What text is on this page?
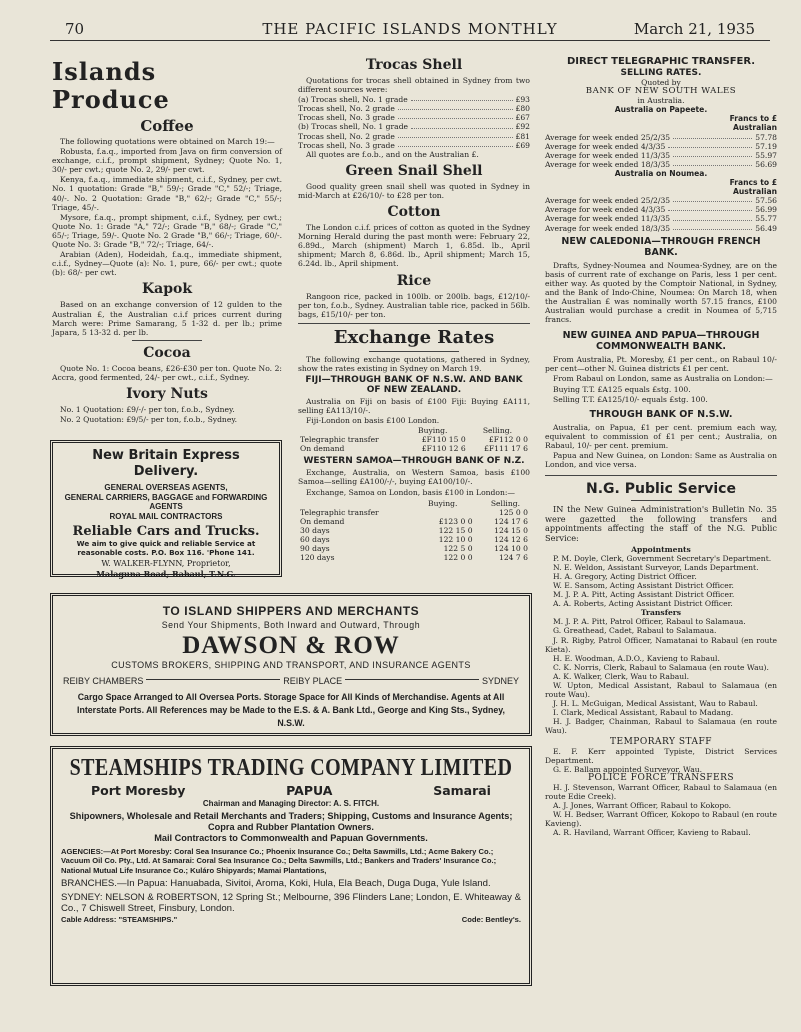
70	THE PACIFIC ISLANDS MONTHLY	March 21, 1935
Islands Produce
Coffee

The following quotations were obtained on March 19:—

Robusta, f.a.q., imported from Java on firm conversion of exchange, c.i.f., prompt shipment, Sydney; Quote No. 1, 30/- per cwt.; quote No. 2, 29/- per cwt.

Kenya, f.a.q., immediate shipment, c.i.f., Sydney, per cwt. No. 1 quotation: Grade "B," 59/-; Grade "C," 52/-; Triage, 40/-. No. 2 Quotation: Grade "B," 62/-; Grade "C," 55/-; Triage, 45/-.

Mysore, f.a.q., prompt shipment, c.i.f., Sydney, per cwt.; Quote No. 1: Grade "A," 72/-; Grade "B," 68/-; Grade "C," 65/-; Triage, 59/-. Quote No. 2 Grade "B," 66/-; Triage, 60/-. Quote No. 3: Grade "B," 72/-; Triage, 64/-.

Arabian (Aden), Hodeidah, f.a.q., immediate shipment, c.i.f., Sydney—Quote (a): No. 1, pure, 66/- per cwt.; quote (b): 68/- per cwt.

Kapok

Based on an exchange conversion of 12 gulden to the Australian £, the Australian c.i.f prices current during March were: Prime Samarang, 5 1-32 d. per lb.; prime Japara, 5 13-32 d. per lb.

Cocoa

Quote No. 1: Cocoa beans, £26-£30 per ton. Quote No. 2: Accra, good fermented, 24/- per cwt., c.i.f., Sydney.

Ivory Nuts

No. 1 Quotation: £9/-/- per ton, f.o.b., Sydney.

No. 2 Quotation: £9/5/- per ton, f.o.b., Sydney.

New Britain Express Delivery.
GENERAL OVERSEAS AGENTS,
GENERAL CARRIERS, BAGGAGE and FORWARDING AGENTS
ROYAL MAIL CONTRACTORS
Reliable Cars and Trucks.
We aim to give quick and reliable Service at reasonable costs. P.O. Box 116. 'Phone 141.
W. WALKER-FLYNN, Proprietor,
Malaguna Road, Rabaul, T.N.G.
Trocas Shell

Quotations for trocas shell obtained in Sydney from two different sources were:

(a) Trocas shell, No. 1 grade	£93
Trocas shell, No. 2 grade	£80
Trocas shell, No. 3 grade	£67
(b) Trocas shell, No. 1 grade	£92
Trocas shell, No. 2 grade	£81
Trocas shell, No. 3 grade	£69

All quotes are f.o.b., and on the Australian £.

Green Snail Shell

Good quality green snail shell was quoted in Sydney in mid-March at £26/10/- to £28 per ton.

Cotton

The London c.i.f. prices of cotton as quoted in the Sydney Morning Herald during the past month were: February 22, 6.89d., March (shipment) March 1, 6.85d. lb., April shipment; March 8, 6.86d. lb., April shipment; March 15, 6.24d. lb., April shipment.

Rice

Rangoon rice, packed in 100lb. or 200lb. bags, £12/10/- per ton, f.o.b., Sydney. Australian table rice, packed in 56lb. bags, £15/10/- per ton.

Exchange Rates

The following exchange quotations, gathered in Sydney, show the rates existing in Sydney on March 19.

FIJI—THROUGH BANK OF N.S.W. AND BANK OF NEW ZEALAND.

Australia on Fiji on basis of £100 Fiji: Buying £A111, selling £A113/10/-.

Fiji-London on basis £100 London.

Buying.	Selling.
Telegraphic transfer	£F110 15 0	£F112 0 0
On demand	£F110 12 6	£F111 17 6
WESTERN SAMOA—THROUGH BANK OF N.Z.

Exchange, Australia, on Western Samoa, basis £100 Samoa—selling £A100/-/-, buying £A100/10/-.

Exchange, Samoa on London, basis £100 in London:—

Buying.	Selling.
Telegraphic transfer		125 0 0
On demand	£123 0 0	124 17 6
30 days	122 15 0	124 15 0
60 days	122 10 0	124 12 6
90 days	122 5 0	124 10 0
120 days	122 0 0	124 7 6
DIRECT TELEGRAPHIC TRANSFER.
SELLING RATES.
Quoted by
BANK OF NEW SOUTH WALES
in Australia.
Australia on Papeete.
Francs to £ Australian
Average for week ended 25/2/35	57.78
Average for week ended 4/3/35	57.19
Average for week ended 11/3/35	55.97
Average for week ended 18/3/35	56.69
Australia on Noumea.
Francs to £ Australian
Average for week ended 25/2/35	57.56
Average for week ended 4/3/35	56.99
Average for week ended 11/3/35	55.77
Average for week ended 18/3/35	56.49
NEW CALEDONIA—THROUGH FRENCH BANK.

Drafts, Sydney-Noumea and Noumea-Sydney, are on the basis of current rate of exchange on Paris, less 1 per cent. either way. As quoted by the Comptoir National, in Sydney, and the Bank of Indo-Chine, Noumea: On March 18, when the Australian £ was nominally worth 57.15 francs, £100 Australian would purchase a credit in Noumea of 5,715 francs.

NEW GUINEA AND PAPUA—THROUGH COMMONWEALTH BANK.

From Australia, Pt. Moresby, £1 per cent., on Rabaul 10/- per cent—other N. Guinea districts £1 per cent.

From Rabaul on London, same as Australia on London:—

Buying T.T. £A125 equals £stg. 100.

Selling T.T. £A125/10/- equals £stg. 100.

THROUGH BANK OF N.S.W.

Australia, on Papua, £1 per cent. premium each way, equivalent to commission of £1 per cent.; Australia, on Rabaul, 10/- per cent. premium.

Papua and New Guinea, on London: Same as Australia on London, and vice versa.

N.G. Public Service

IN the New Guinea Administration's Bulletin No. 35 were gazetted the following transfers and appointments affecting the staff of the N.G. Public Service:

Appointments

P. M. Doyle, Clerk, Government Secretary's Department.

N. E. Weldon, Assistant Surveyor, Lands Department.

H. A. Gregory, Acting District Officer.

W. E. Sansom, Acting Assistant District Officer.

M. J. P. A. Pitt, Acting Assistant District Officer.

A. A. Roberts, Acting Assistant District Officer.

Transfers

M. J. P. A. Pitt, Patrol Officer, Rabaul to Salamaua.

G. Greathead, Cadet, Rabaul to Salamaua.

J. R. Rigby, Patrol Officer, Namatanai to Rabaul (en route Kieta).

H. E. Woodman, A.D.O., Kavieng to Rabaul.

C. K. Norris, Clerk, Rabaul to Salamaua (en route Wau).

A. K. Walker, Clerk, Wau to Rabaul.

W. Upton, Medical Assistant, Rabaul to Salamaua (en route Wau).

J. H. L. McGuigan, Medical Assistant, Wau to Rabaul.

I. Clark, Medical Assistant, Rabaul to Madang.

H. J. Badger, Chainman, Rabaul to Salamaua (en route Wau).

TEMPORARY STAFF

E. F. Kerr appointed Typiste, District Services Department.

G. E. Ballam appointed Surveyor, Wau.

POLICE FORCE TRANSFERS

H. J. Stevenson, Warrant Officer, Rabaul to Salamaua (en route Edie Creek).

A. J. Jones, Warrant Officer, Rabaul to Kokopo.

W. H. Bedser, Warrant Officer, Kokopo to Rabaul (en route Kavieng).

A. R. Haviland, Warrant Officer, Kavieng to Rabaul.

TO ISLAND SHIPPERS AND MERCHANTS
Send Your Shipments, Both Inward and Outward, Through
DAWSON & ROW
CUSTOMS BROKERS, SHIPPING AND TRANSPORT, AND INSURANCE AGENTS
REIBY CHAMBERS	REIBY PLACE	SYDNEY
Cargo Space Arranged to All Oversea Ports. Storage Space for All Kinds of Merchandise. Agents at All Interstate Ports. All References may be Made to the E.S. & A. Bank Ltd., George and King Sts., Sydney, N.S.W.
STEAMSHIPS TRADING COMPANY LIMITED
Port Moresby	PAPUA	Samarai
Chairman and Managing Director: A. S. FITCH.
Shipowners, Wholesale and Retail Merchants and Traders; Shipping, Customs and Insurance Agents; Copra and Rubber Plantation Owners.
Mail Contractors to Commonwealth and Papuan Governments.
AGENCIES:—At Port Moresby: Coral Sea Insurance Co.; Phoenix Insurance Co.; Delta Sawmills, Ltd.; Acme Bakery Co.; Vacuum Oil Co. Pty., Ltd. At Samarai: Coral Sea Insurance Co.; Delta Sawmills, Ltd.; Bankers and Traders' Insurance Co.; National Mutual Life Insurance Co.; Kuláro Shipyards; Mamai Plantations,
BRANCHES.—In Papua: Hanuabada, Sivitoi, Aroma, Koki, Hula, Ela Beach, Duga Duga, Yule Island.
SYDNEY: NELSON & ROBERTSON, 12 Spring St.; Melbourne, 396 Flinders Lane; London, E. Whiteaway & Co., 7 Chiswell Street, Finsbury, London.
Cable Address: "STEAMSHIPS."	Code: Bentley's.
